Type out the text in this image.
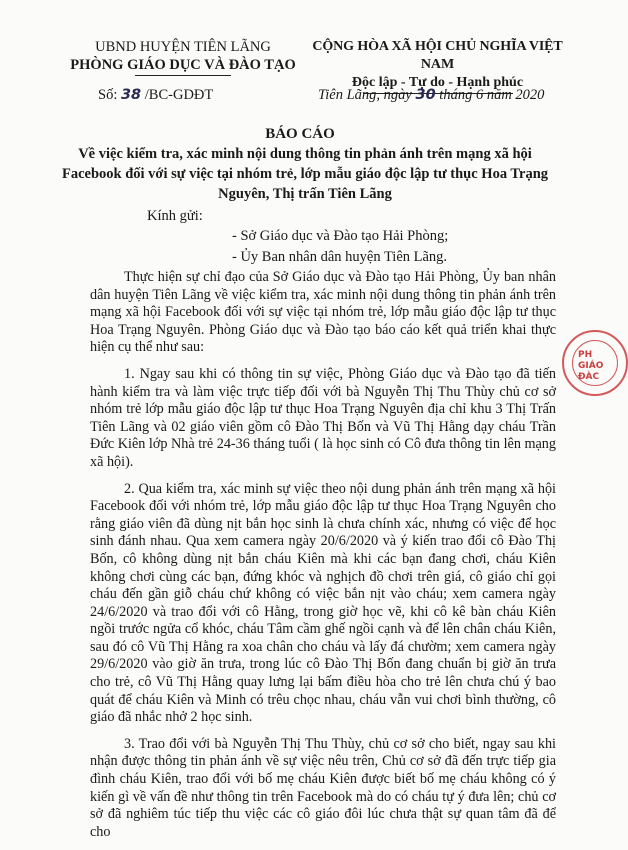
UBND HUYỆN TIÊN LÃNG
PHÒNG GIÁO DỤC VÀ ĐÀO TẠO
CỘNG HÒA XÃ HỘI CHỦ NGHĨA VIỆT NAM
Độc lập - Tự do - Hạnh phúc
Số: 38 /BC-GDĐT	Tiên Lãng, ngày 30 tháng 6 năm 2020
BÁO CÁO
Về việc kiểm tra, xác minh nội dung thông tin phản ánh trên mạng xã hội Facebook đối với sự việc tại nhóm trẻ, lớp mẫu giáo độc lập tư thục Hoa Trạng Nguyên, Thị trấn Tiên Lãng
Kính gửi:
- Sở Giáo dục và Đào tạo Hải Phòng;
- Ủy Ban nhân dân huyện Tiên Lãng.

Thực hiện sự chỉ đạo của Sở Giáo dục và Đào tạo Hải Phòng, Ủy ban nhân dân huyện Tiên Lãng về việc kiểm tra, xác minh nội dung thông tin phản ánh trên mạng xã hội Facebook đối với sự việc tại nhóm trẻ, lớp mẫu giáo độc lập tư thục Hoa Trạng Nguyên. Phòng Giáo dục và Đào tạo báo cáo kết quả triển khai thực hiện cụ thể như sau:

1. Ngay sau khi có thông tin sự việc, Phòng Giáo dục và Đào tạo đã tiến hành kiểm tra và làm việc trực tiếp đối với bà Nguyễn Thị Thu Thùy chủ cơ sở nhóm trẻ lớp mẫu giáo độc lập tư thục Hoa Trạng Nguyên địa chỉ khu 3 Thị Trấn Tiên Lãng và 02 giáo viên gồm cô Đào Thị Bốn và Vũ Thị Hằng dạy cháu Trần Đức Kiên lớp Nhà trẻ 24-36 tháng tuổi ( là học sinh có Cô đưa thông tin lên mạng xã hội).

2. Qua kiểm tra, xác minh sự việc theo nội dung phản ánh trên mạng xã hội Facebook đối với nhóm trẻ, lớp mẫu giáo độc lập tư thục Hoa Trạng Nguyên cho rằng giáo viên đã dùng nịt bắn học sinh là chưa chính xác, nhưng có việc để học sinh đánh nhau. Qua xem camera ngày 20/6/2020 và ý kiến trao đổi cô Đào Thị Bốn, cô không dùng nịt bắn cháu Kiên mà khi các bạn đang chơi, cháu Kiên không chơi cùng các bạn, đứng khóc và nghịch đồ chơi trên giá, cô giáo chỉ gọi cháu đến gần giỗ cháu chứ không có việc bắn nịt vào cháu; xem camera ngày 24/6/2020 và trao đổi với cô Hằng, trong giờ học vẽ, khi cô kê bàn cháu Kiên ngồi trước ngửa cổ khóc, cháu Tâm cầm ghế ngồi cạnh và để lên chân cháu Kiên, sau đó cô Vũ Thị Hằng ra xoa chân cho cháu và lấy đá chườm; xem camera ngày 29/6/2020 vào giờ ăn trưa, trong lúc cô Đào Thị Bốn đang chuẩn bị giờ ăn trưa cho trẻ, cô Vũ Thị Hằng quay lưng lại bấm điều hòa cho trẻ lên chưa chú ý bao quát để cháu Kiên và Minh có trêu chọc nhau, cháu vẫn vui chơi bình thường, cô giáo đã nhắc nhở 2 học sinh.

3. Trao đổi với bà Nguyễn Thị Thu Thùy, chủ cơ sở cho biết, ngay sau khi nhận được thông tin phản ánh về sự việc nêu trên, Chủ cơ sở đã đến trực tiếp gia đình cháu Kiên, trao đổi với bố mẹ cháu Kiên được biết bố mẹ cháu không có ý kiến gì về vấn đề như thông tin trên Facebook mà do có cháu tự ý đưa lên; chủ cơ sở đã nghiêm túc tiếp thu việc các cô giáo đôi lúc chưa thật sự quan tâm đã để cho

PH
GIÁO
ĐÀC
